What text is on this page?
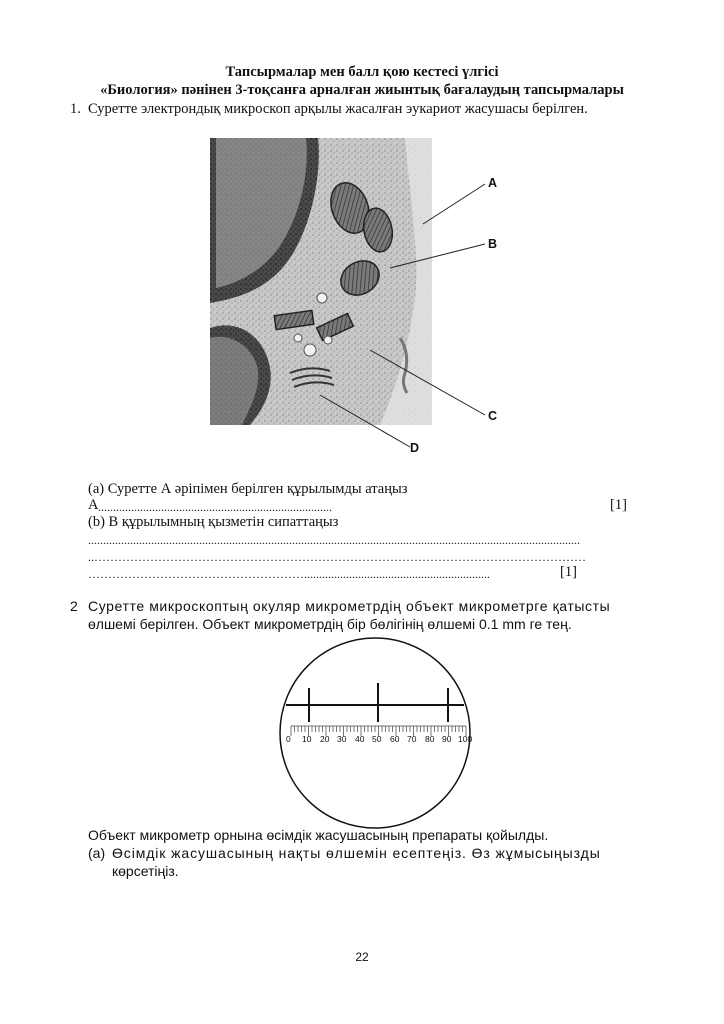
Тапсырмалар мен балл қою кестесі үлгісі
«Биология» пәнінен 3-тоқсанға арналған жиынтық бағалаудың тапсырмалары
1. Суретте электрондық микроскоп арқылы жасалған эукариот жасушасы берілген.
A
B
C
D
(a) Суретте А әріпімен берілген құрылымды атаңыз
A ..............................................................................	[1]
(b) В құрылымның қызметін сипаттаңыз
....................................................................................................................................................................
..……………………………………………………………………………………………………………
………………………………………………..............................................................	[1]
2 Суретте микроскоптың окуляр микрометрдің объект микрометрге қатысты
өлшемі берілген. Объект микрометрдің бір бөлігінің өлшемі 0.1 mm ге тең.
0 10 20 30 40 50 60 70 80 90 100
Объект микрометр орнына өсімдік жасушасының препараты қойылды.
(a) Өсімдік жасушасының нақты өлшемін есептеңіз. Өз жұмысыңызды
көрсетіңіз.
22
